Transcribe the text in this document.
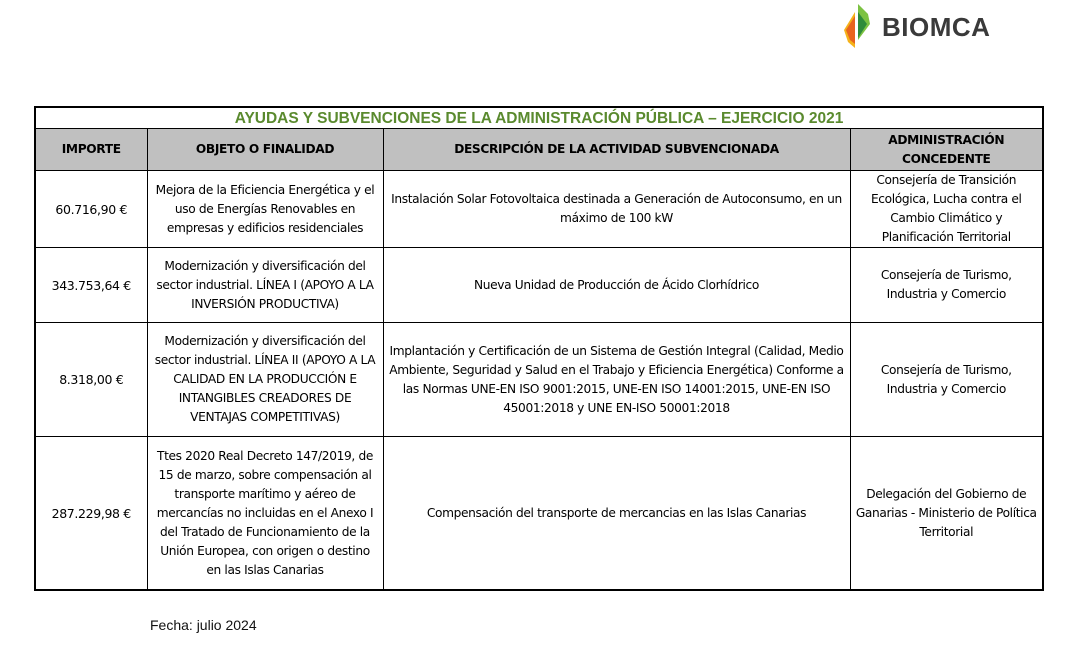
BIOMCA
AYUDAS Y SUBVENCIONES DE LA ADMINISTRACIÓN PÚBLICA – EJERCICIO 2021			
IMPORTE	OBJETO O FINALIDAD	DESCRIPCIÓN DE LA ACTIVIDAD SUBVENCIONADA	ADMINISTRACIÓN CONCEDENTE
60.716,90 €	Mejora de la Eficiencia Energética y el uso de Energías Renovables en empresas y edificios residenciales	Instalación Solar Fotovoltaica destinada a Generación de Autoconsumo, en un máximo de 100 kW	Consejería de Transición Ecológica, Lucha contra el Cambio Climático y Planificación Territorial
343.753,64 €	Modernización y diversificación del sector industrial. LÍNEA I (APOYO A LA INVERSIÓN PRODUCTIVA)	Nueva Unidad de Producción de Ácido Clorhídrico	Consejería de Turismo, Industria y Comercio
8.318,00 €	Modernización y diversificación del sector industrial. LÍNEA II (APOYO A LA CALIDAD EN LA PRODUCCIÓN E INTANGIBLES CREADORES DE VENTAJAS COMPETITIVAS)	Implantación y Certificación de un Sistema de Gestión Integral (Calidad, Medio Ambiente, Seguridad y Salud en el Trabajo y Eficiencia Energética) Conforme a las Normas UNE-EN ISO 9001:2015, UNE-EN ISO 14001:2015, UNE-EN ISO 45001:2018 y UNE EN-ISO 50001:2018	Consejería de Turismo, Industria y Comercio
287.229,98 €	Ttes 2020 Real Decreto 147/2019, de 15 de marzo, sobre compensación al transporte marítimo y aéreo de mercancías no incluidas en el Anexo I del Tratado de Funcionamiento de la Unión Europea, con origen o destino en las Islas Canarias	Compensación del transporte de mercancias en las Islas Canarias	Delegación del Gobierno de Ganarias - Ministerio de Política Territorial
Fecha: julio 2024
